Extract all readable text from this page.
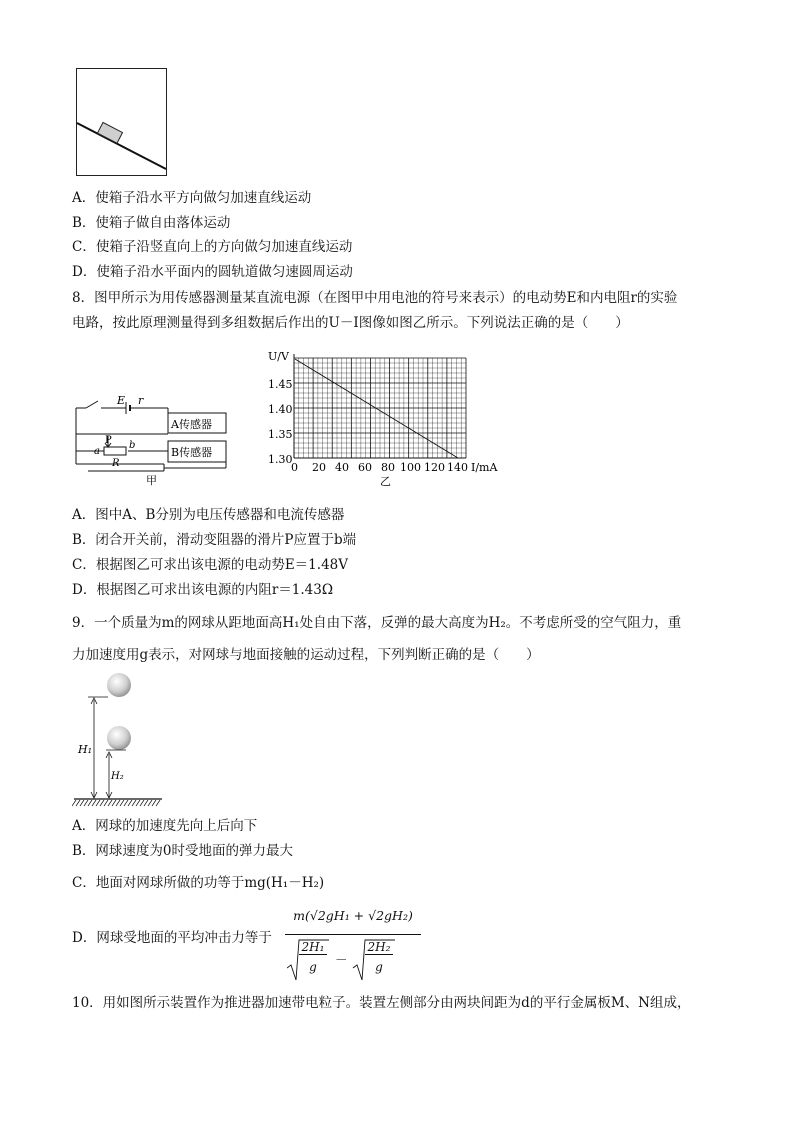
A．使箱子沿水平方向做匀加速直线运动
B．使箱子做自由落体运动
C．使箱子沿竖直向上的方向做匀加速直线运动
D．使箱子沿水平面内的圆轨道做匀速圆周运动
8．图甲所示为用传感器测量某直流电源（在图甲中用电池的符号来表示）的电动势E和内电阻r的实验
电路，按此原理测量得到多组数据后作出的U－I图像如图乙所示。下列说法正确的是（　　）
E r
P
a
b
R
A传感器
B传感器
甲
U/V
1.45
1.40
1.35
1.30
0 20 40 60 80 100 120 140 I/mA
乙
A．图中A、B分别为电压传感器和电流传感器
B．闭合开关前，滑动变阻器的滑片P应置于b端
C．根据图乙可求出该电源的电动势E＝1.48V
D．根据图乙可求出该电源的内阻r＝1.43Ω
9．一个质量为m的网球从距地面高H₁处自由下落，反弹的最大高度为H₂。不考虑所受的空气阻力，重
力加速度用g表示，对网球与地面接触的运动过程，下列判断正确的是（　　）
H₁
H₂
A．网球的加速度先向上后向下
B．网球速度为0时受地面的弹力最大
C．地面对网球所做的功等于mg(H₁－H₂)
D．网球受地面的平均冲击力等于
m(√2gH₁ + √2gH₂)
2H₁
g	－
2H₂
g
10．用如图所示装置作为推进器加速带电粒子。装置左侧部分由两块间距为d的平行金属板M、N组成，
